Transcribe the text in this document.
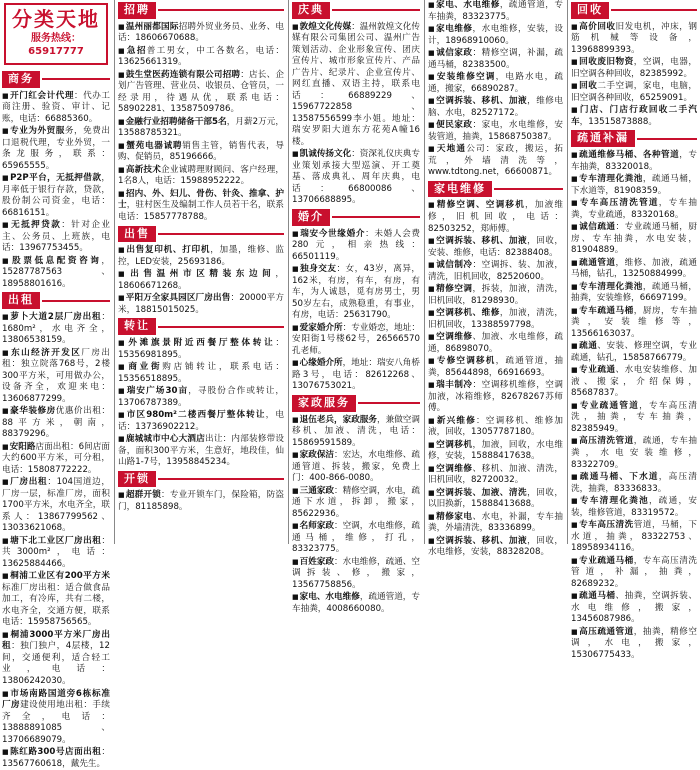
分类天地
服务热线：65917777
商务
■ 开门红会计代理：代办工商注册、验资、审计、记账，电话：66885360。
■ 专业为外贸服务，免费出口退税代理，专业外贸，一条龙服务，联系：65965555。
■ P2P平台，无抵押借款，月率低于银行存款，贷款，股份制公司资金，电话：66816151。
■ 无抵押贷款：针对企业主、公务员、上班族，电话：13967753455。
■ 股票低息配资咨询，15287787563、18958801616。
出租
■ 萝卜大道2层厂房出租：1680m²，水电齐全，13806538159。
■ 东山经济开发区厂房出租：独立院落768号，2楼300平方米，可用做办公，设备齐全，欢迎来电：13606877299。
■ 豪华装修房优惠价出租：88平方米，朝南，88379296。
■ 安阳路店面出租：6间店面大约600平方米，可分租，电话：15808772222。
■ 厂房出租：104国道边，厂房一层，标准厂房，面积1700平方米，水电齐全，联系人：13867799562、13033621068。
■ 塘下北工业区厂房出租：共3000m²，电话：13625884466。
■ 桐浦工业区有200平方米标准厂房出租：适合做食品加工，有冷库，共有二楼，水电齐全，交通方便，联系电话：15958756565。
■ 桐浦3000平方米厂房出租：独门独户，4层楼，12间，交通便利，适合轻工业，电话：13806242030。
■ 市场南路国道旁6栋标准厂房建设使用地出租：手续齐全，电话：13888891085、13706689079。
■ 陈红路300号店面出租：13567760618，戴先生。
招聘
■ 温州丽都国际招聘外贸业务员、业务、电话：18606670688。
■ 急招普工男女，中工各数名，电话：13625661319。
■ 鼓生堂医药连锁有限公司招聘：店长、企划广告管理、营业员、收银员、仓管员，一经录用，待遇从优，联系电话：58902281、13587509786。
■ 金融行业招聘储备干部5名，月薪2万元，13588785321。
■ 蟹苑电器诚聘销售主管，销售代表，导购、促销员，85196666。
■ 高新技术企业诚聘理财顾问、客户经理，1名8人，电话：15988952222。
■ 招内、外、妇儿、骨伤、针灸、推拿、护士，驻村医生及编制工作人员若干名，联系电话：15857778788。
出售
■ 出售复印机、打印机，加墨，维修、监控，LED安装，25693186。
■ 出售温州市区精装东边间，18606671268。
■ 平阳万全家具园区厂房出售：20000平方米，18815015025。
转让
■ 外滩旗景附近西餐厅整体转让：15356981895。
■ 商业街购店铺转让，联系电话：15356518895。
■ 瑞安广场30亩，寻股份合作或转让，13706787389。
■ 市区980m²二楼西餐厅整体转让，电话：13736902212。
■ 鹿城城市中心大酒店出让：内部装修带设备，面积300平方米，生意好，地段佳，仙山路1-7号，13958845234。
开锁
■ 超群开锁：专业开锁车门，保险箱，防盗门，81185898。
庆典
■ 敦煌文化传媒：温州敦煌文化传媒有限公司集团公司、温州广告策划活动、企业形象宣传、团庆宣传片、城市形象宣传片、产品广告片、纪录片、企业宣传片、网红直播、双语主持，联系电话：66889229、15967722858、13587556599李小姐。地址：瑞安罗阳大道东方花苑A幢16楼。
■ 凯诚传扬文化：资深礼仪庆典专业策划承接大型巡演、开工奠基、落成典礼、周年庆典，电话：66800086、13706688895。
婚介
■ 瑞安今世缘婚介：未婚人会费280元，相亲热线：66501119。
■ 独身交友：女，43岁，离异，162米，有房，有车，有房，有车，为人诚恳，觅有房男士，男50岁左右，成熟稳重，有事业，有房，电话：25631790。
■ 爱家婚介所：专业婚恋，地址：安阳街1号楼62号，26566570孔老师。
■ 心缘婚介所，地址：瑞安八角桥路3号，电话：82612268、13076753021。
家政服务
■ 退伍老兵，家政服务，兼做空调移机、加液、清洗，电话：15869591589。
■ 家政保洁：宏达，水电维修、疏通管道、拆装，搬家，免费上门：400-866-0080。
■ 三通家政：精修空调，水电，疏通下水道，拆卸，搬家，85622936。
■ 名师家政：空调，水电维修，疏通马桶，维修，打孔，83323775。
■ 百姓家政：水电维修，疏通、空调拆装、修，搬家，13567758856。
■ 家电、水电维修，疏通管道，专车抽粪，4008660080。
■ 家电、水电维修，疏通管道，专车抽粪，83323775。
■ 家电维修，水电维修，安装，设计，18968910060。
■ 诚信家政：精修空调，补漏，疏通马桶，82383500。
■ 安装维修空调，电路水电，疏通，搬家，66890287。
■ 空调拆装、移机、加液，维修电脑、水电，82527172。
■ 便民家政：家电，水电维修，安装管道，抽粪，15868750387。
■ 天地通公司：家政，搬运，拓荒，外墙清洗等，www.tdtong.net，66600871。
家电维修
■ 精修空调、空调移机，加液维修，旧机回收，电话：82503252，郑师傅。
■ 空调拆装、移机、加液，回收，安装、维修，电话：82388408。
■ 诚信制冷：空调拆、装、加液，清洗，旧机回收，82520600。
■ 精修空调，拆装，加液，清洗，旧机回收，81298930。
■ 空调移机、维修，加液，清洗，旧机回收，13388597798。
■ 空调维修、加液、水电维修，疏通，86898070。
■ 专修空调移机，疏通管道，抽粪，85644898，66916693。
■ 瑞丰制冷：空调移机维修，空调加液，冰箱维修，82678267苏师傅。
■ 新兴维修：空调移机、维修加液，回收，13057787180。
■ 空调移机，加液，回收，水电维修，安装，15888417638。
■ 空调维修、移机、加液、清洗，旧机回收，82720032。
■ 空调拆装、加液、清洗，回收，以旧换新，15888413688。
■ 精修家电、水电，补漏，专车抽粪，外墙清洗，83336899。
■ 空调拆装、移机、加液，回收，水电维修，安装，88328208。
回收
■ 高价回收旧发电机，冲床，钢筋机械等设备，13968899393。
■ 回收废旧物资，空调，电器，旧空调各种回收，82385992。
■ 回收二手空调，家电，电脑，旧空调各种回收，65259091。
■ 门店、门店行政回收二手汽车，13515873888。
疏通补漏
■ 疏通维修马桶、各种管道，专车抽粪，83320018。
■ 专车清理化粪池，疏通马桶，下水道等，81908359。
■ 专车高压清洗管道，专车抽粪，专业疏通，83320168。
■ 诚信疏通：专业疏通马桶，厨房、专车抽粪，水电安装，81904889。
■ 疏通管道，维修、加液，疏通马桶，钻孔，13250884999。
■ 专车清理化粪池，疏通马桶，抽粪，安装维修，66697199。
■ 专车疏通马桶，厨房，专车抽粪，安装维修等，13566163037。
■ 疏通、安装、修理空调，专业疏通，钻孔，15858766779。
■ 专业疏通、水电安装维修、加液、搬家，介绍保姆，85687837。
■ 专业疏通管道，专车高压清洗，抽粪，专车抽粪，82385949。
■ 高压清洗管道，疏通，专车抽粪，水电安装维修，83322709。
■ 疏通马桶、下水道，高压清洗，抽粪，83336833。
■ 专车清理化粪池，疏通，安装，维修管道，83319572。
■ 专车高压清洗管道，马桶，下水道，抽粪，83322753、18958934116。
■ 专业疏通马桶，专车高压清洗管道，补漏，抽粪，82689232。
■ 疏通马桶、抽粪，空调拆装、水电维修，搬家，13456087986。
■ 高压疏通管道，抽粪，精修空调，水电，搬家，15306775433。
